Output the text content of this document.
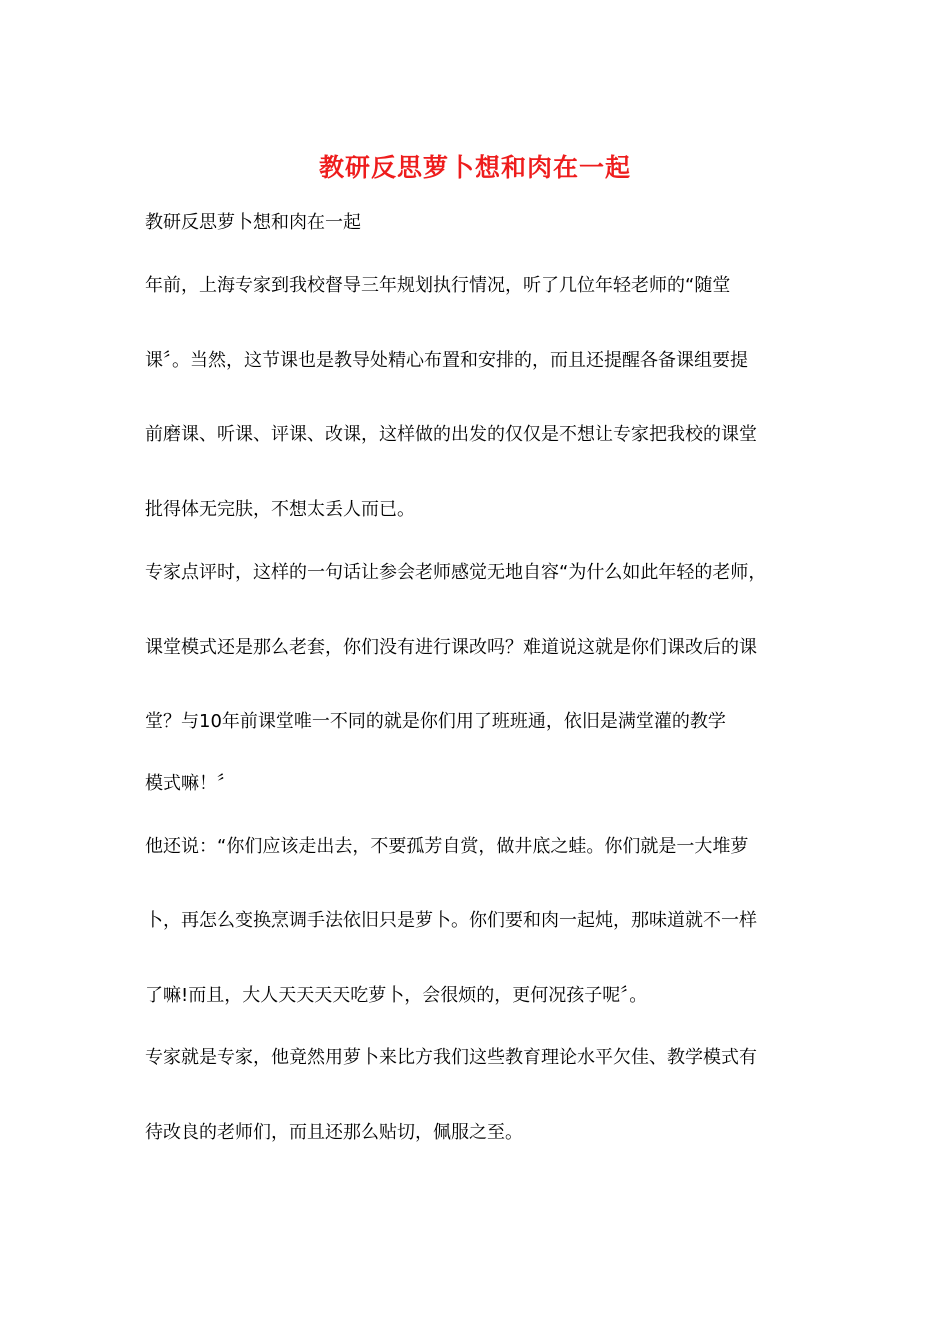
教研反思萝卜想和肉在一起
教研反思萝卜想和肉在一起
年前，上海专家到我校督导三年规划执行情况，听了几位年轻老师的“随堂
课〞。当然，这节课也是教导处精心布置和安排的，而且还提醒各备课组要提
前磨课、听课、评课、改课，这样做的出发的仅仅是不想让专家把我校的课堂
批得体无完肤，不想太丢人而已。
专家点评时，这样的一句话让参会老师感觉无地自容“为什么如此年轻的老师，
课堂模式还是那么老套，你们没有进行课改吗？难道说这就是你们课改后的课
堂？与10年前课堂唯一不同的就是你们用了班班通，依旧是满堂灌的教学
模式嘛！〞
他还说：“你们应该走出去，不要孤芳自赏，做井底之蛙。你们就是一大堆萝
卜，再怎么变换烹调手法依旧只是萝卜。你们要和肉一起炖，那味道就不一样
了嘛!而且，大人天天天天吃萝卜，会很烦的，更何况孩子呢〞。
专家就是专家，他竟然用萝卜来比方我们这些教育理论水平欠佳、教学模式有
待改良的老师们，而且还那么贴切，佩服之至。
